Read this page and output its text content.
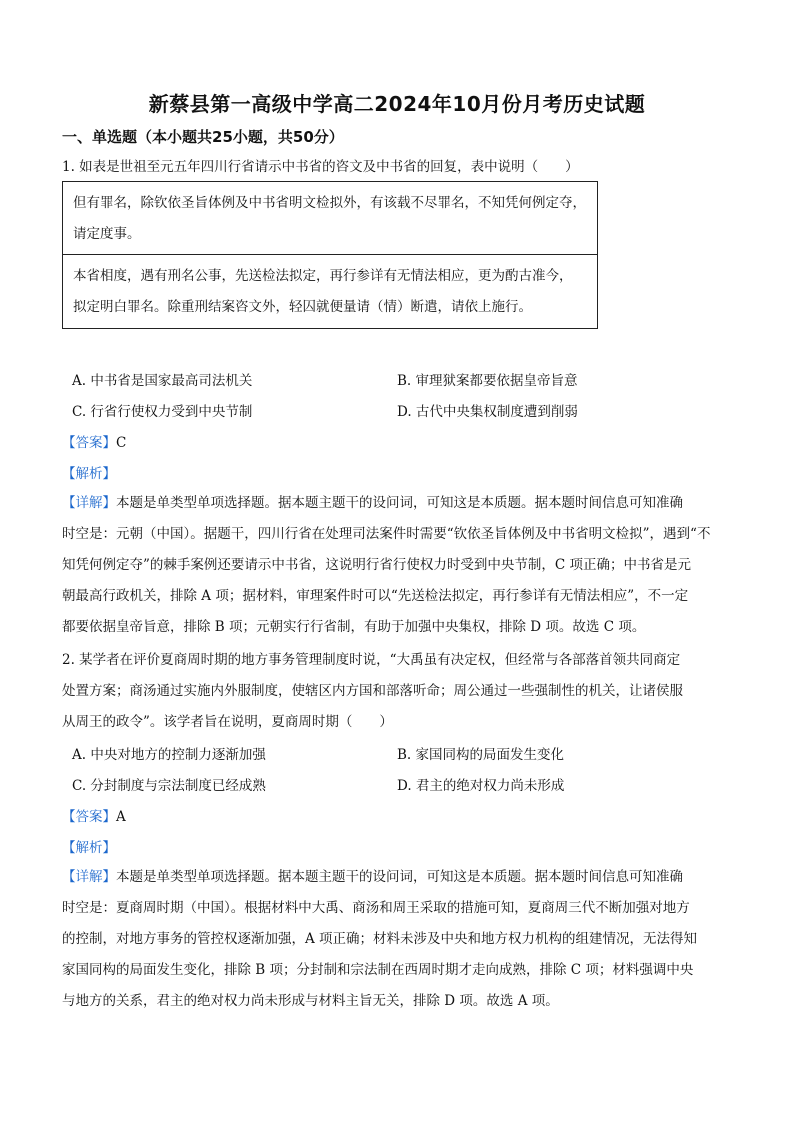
新蔡县第一高级中学高二2024年10月份月考历史试题
一、单选题（本小题共25小题，共50分）
1. 如表是世祖至元五年四川行省请示中书省的咨文及中书省的回复，表中说明（　　）
但有罪名，除钦依圣旨体例及中书省明文检拟外，有该载不尽罪名，不知凭何例定夺，
请定度事。
本省相度，遇有刑名公事，先送检法拟定，再行参详有无情法相应，更为酌古准今，
拟定明白罪名。除重刑结案咨文外，轻囚就便量请（情）断遣，请依上施行。
A. 中书省是国家最高司法机关	B. 审理狱案都要依据皇帝旨意
C. 行省行使权力受到中央节制	D. 古代中央集权制度遭到削弱
【答案】C
【解析】
【详解】本题是单类型单项选择题。据本题主题干的设问词，可知这是本质题。据本题时间信息可知准确
时空是：元朝（中国）。据题干，四川行省在处理司法案件时需要“钦依圣旨体例及中书省明文检拟”，遇到“不
知凭何例定夺”的棘手案例还要请示中书省，这说明行省行使权力时受到中央节制，C 项正确；中书省是元
朝最高行政机关，排除 A 项；据材料，审理案件时可以“先送检法拟定，再行参详有无情法相应”，不一定
都要依据皇帝旨意，排除 B 项；元朝实行行省制，有助于加强中央集权，排除 D 项。故选 C 项。
2. 某学者在评价夏商周时期的地方事务管理制度时说，“大禹虽有决定权，但经常与各部落首领共同商定
处置方案；商汤通过实施内外服制度，使辖区内方国和部落听命；周公通过一些强制性的机关，让诸侯服
从周王的政令”。该学者旨在说明，夏商周时期（　　）
A. 中央对地方的控制力逐渐加强	B. 家国同构的局面发生变化
C. 分封制度与宗法制度已经成熟	D. 君主的绝对权力尚未形成
【答案】A
【解析】
【详解】本题是单类型单项选择题。据本题主题干的设问词，可知这是本质题。据本题时间信息可知准确
时空是：夏商周时期（中国）。根据材料中大禹、商汤和周王采取的措施可知，夏商周三代不断加强对地方
的控制，对地方事务的管控权逐渐加强，A 项正确；材料未涉及中央和地方权力机构的组建情况，无法得知
家国同构的局面发生变化，排除 B 项；分封制和宗法制在西周时期才走向成熟，排除 C 项；材料强调中央
与地方的关系，君主的绝对权力尚未形成与材料主旨无关，排除 D 项。故选 A 项。
